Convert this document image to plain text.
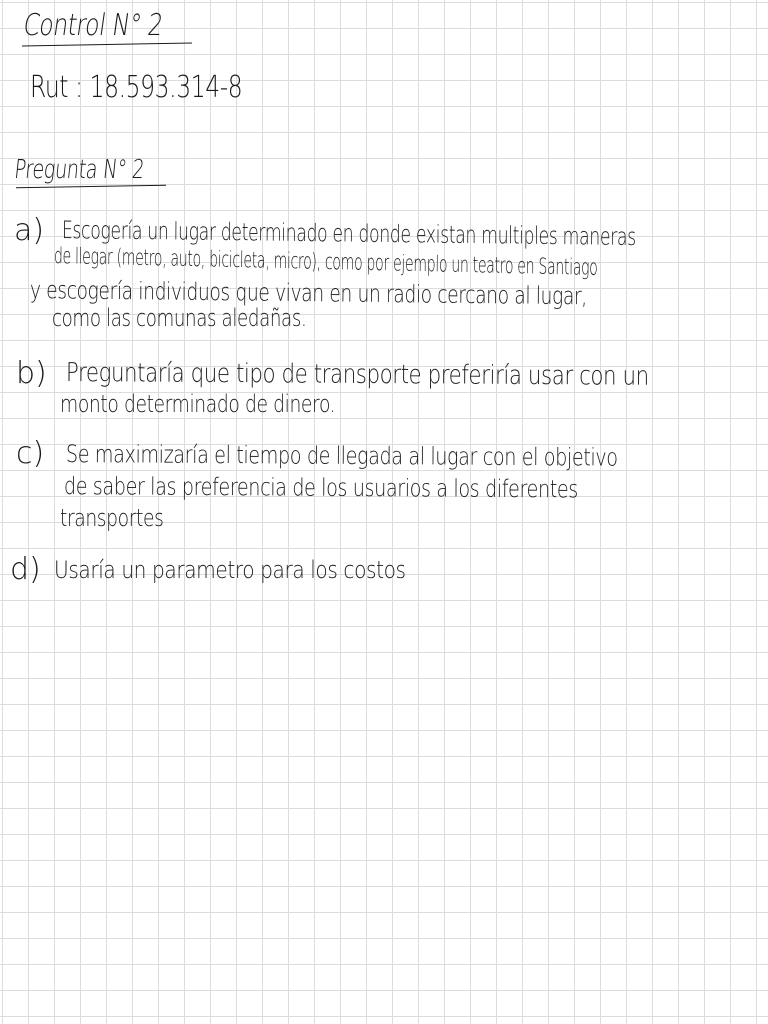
Control N° 2
Rut : 18.593.314-8
Pregunta N° 2
a) Escogería un lugar determinado en donde existan multiples maneras
de llegar (metro, auto, bicicleta, micro), como por ejemplo un teatro en Santiago
y escogería individuos que vivan en un radio cercano al lugar,
como las comunas aledañas.
b) Preguntaría que tipo de transporte preferiría usar con un
monto determinado de dinero.
c) Se maximizaría el tiempo de llegada al lugar con el objetivo
de saber las preferencia de los usuarios a los diferentes
transportes
d) Usaría un parametro para los costos
